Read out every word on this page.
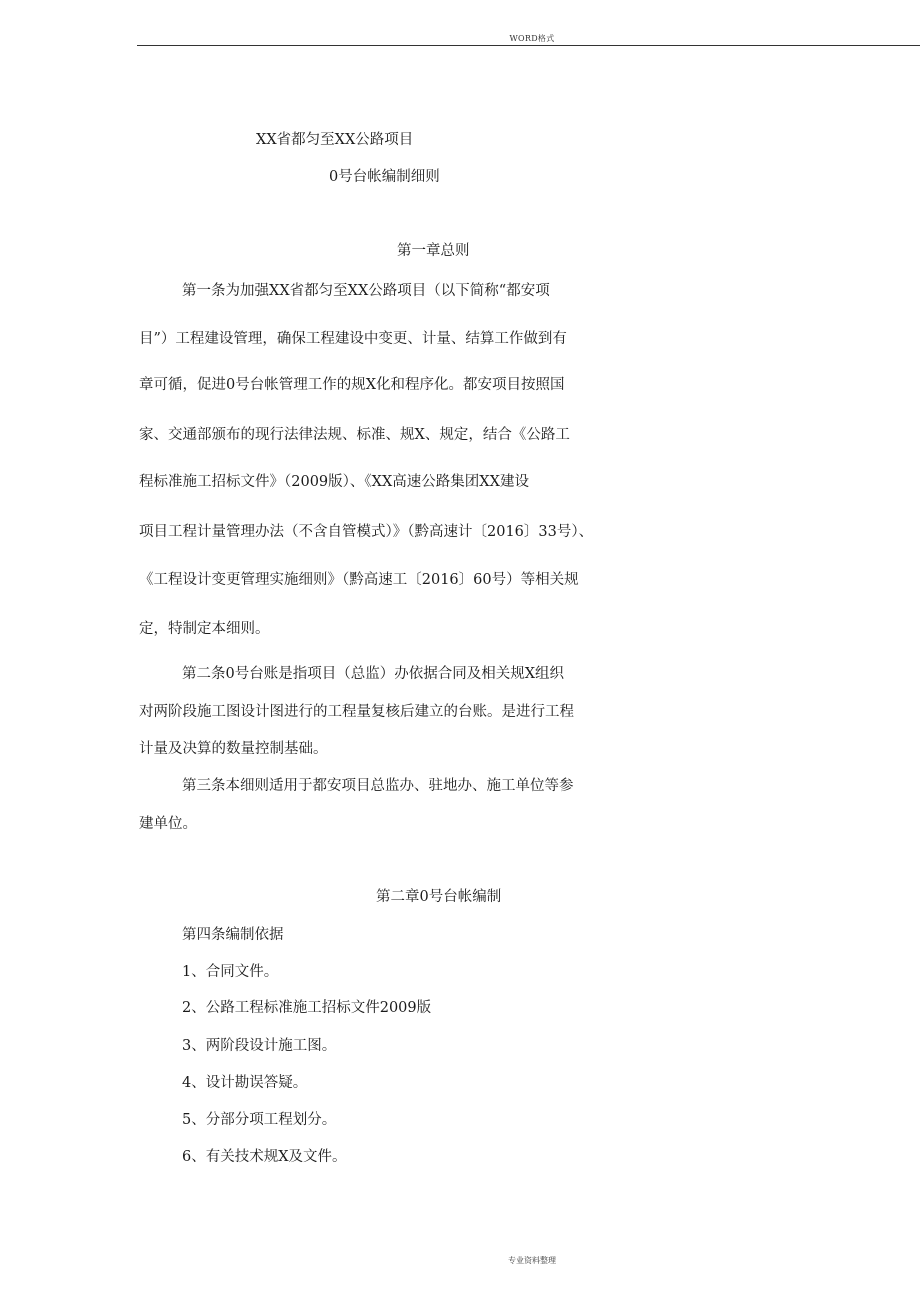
WORD格式
XX省都匀至XX公路项目
0号台帐编制细则
第一章总则
第一条为加强XX省都匀至XX公路项目（以下简称“都安项
目”）工程建设管理，确保工程建设中变更、计量、结算工作做到有
章可循，促进0号台帐管理工作的规X化和程序化。都安项目按照国
家、交通部颁布的现行法律法规、标准、规X、规定，结合《公路工
程标准施工招标文件》（2009版）、《XX高速公路集团XX建设
项目工程计量管理办法（不含自管模式）》（黔高速计〔2016〕33号）、
《工程设计变更管理实施细则》（黔高速工〔2016〕60号）等相关规
定，特制定本细则。
第二条0号台账是指项目（总监）办依据合同及相关规X组织
对两阶段施工图设计图进行的工程量复核后建立的台账。是进行工程
计量及决算的数量控制基础。
第三条本细则适用于都安项目总监办、驻地办、施工单位等参
建单位。
第二章0号台帐编制
第四条编制依据
1、合同文件。
2、公路工程标准施工招标文件2009版
3、两阶段设计施工图。
4、设计勘误答疑。
5、分部分项工程划分。
6、有关技术规X及文件。
专业资料整理
